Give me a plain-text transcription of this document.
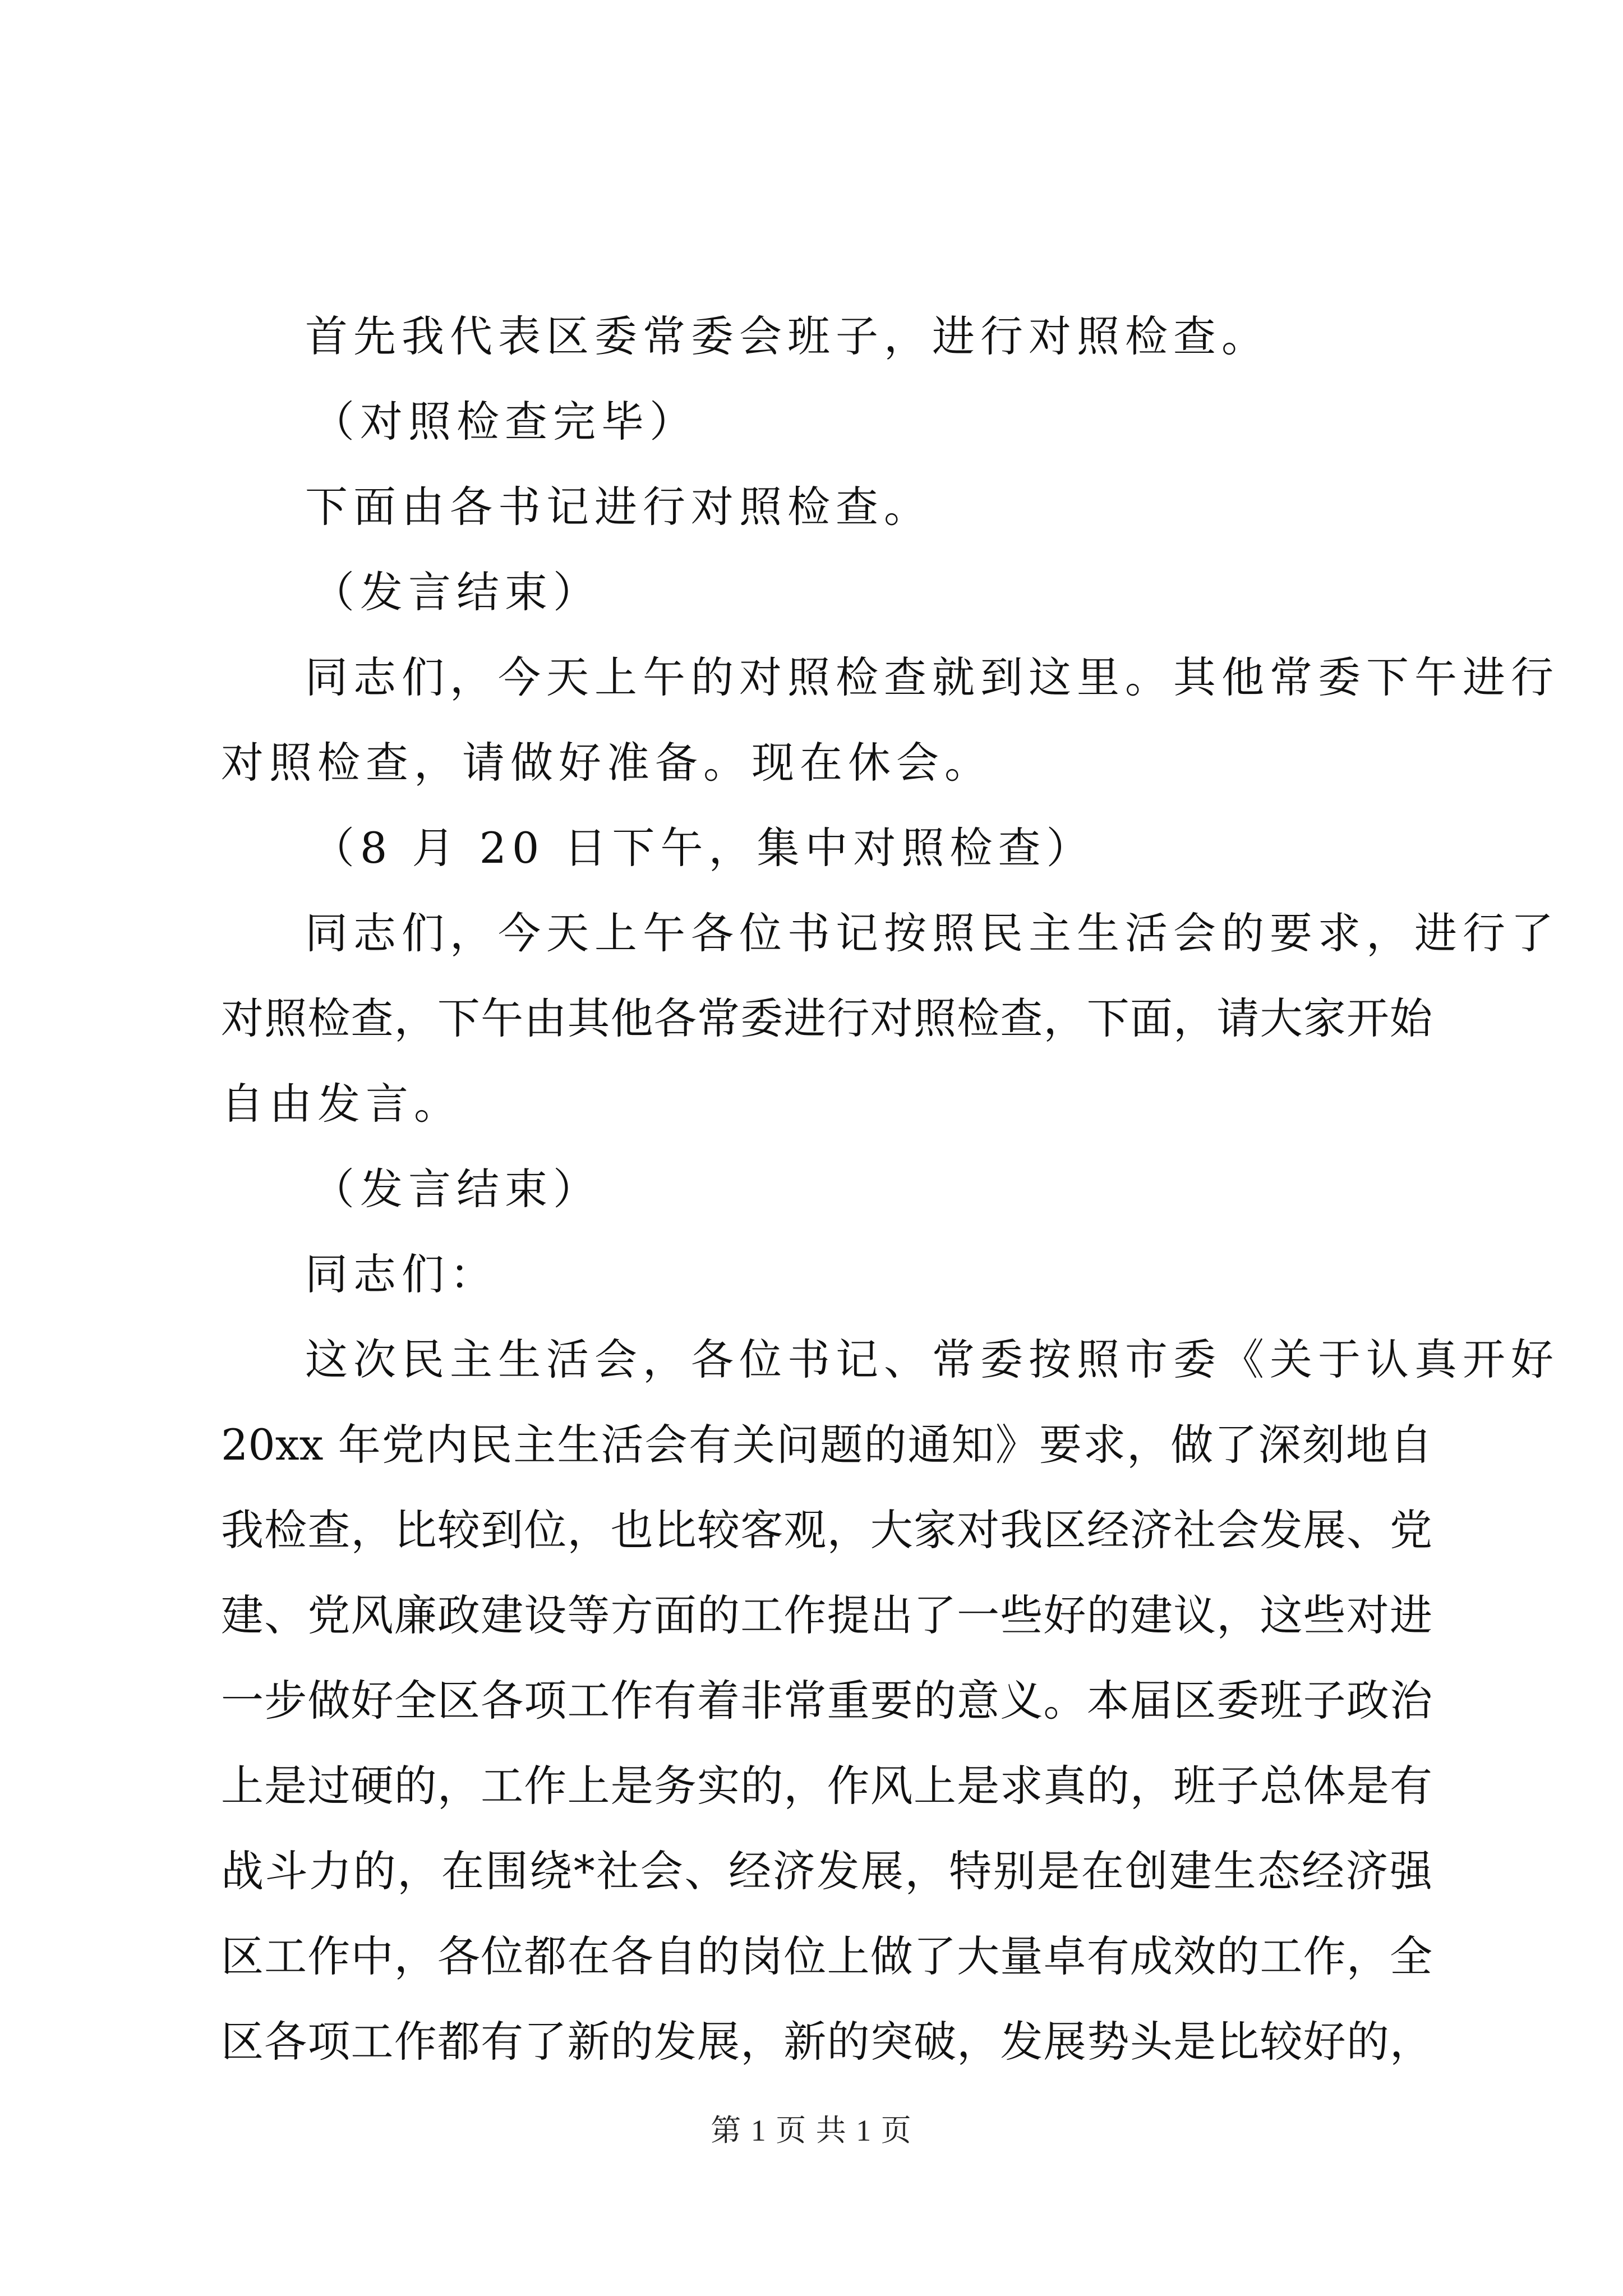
首先我代表区委常委会班子，进行对照检查。
（对照检查完毕）
下面由各书记进行对照检查。
（发言结束）
同志们，今天上午的对照检查就到这里。其他常委下午进行
对照检查，请做好准备。现在休会。
（8 月 20 日下午，集中对照检查）
同志们，今天上午各位书记按照民主生活会的要求，进行了
对照检查，下午由其他各常委进行对照检查，下面，请大家开始
自由发言。
（发言结束）
同志们：
这次民主生活会，各位书记、常委按照市委《关于认真开好
20xx 年党内民主生活会有关问题的通知》要求，做了深刻地自
我检查，比较到位，也比较客观，大家对我区经济社会发展、党
建、党风廉政建设等方面的工作提出了一些好的建议，这些对进
一步做好全区各项工作有着非常重要的意义。本届区委班子政治
上是过硬的，工作上是务实的，作风上是求真的，班子总体是有
战斗力的，在围绕*社会、经济发展，特别是在创建生态经济强
区工作中，各位都在各自的岗位上做了大量卓有成效的工作，全
区各项工作都有了新的发展，新的突破，发展势头是比较好的，
第 1 页 共 1 页
